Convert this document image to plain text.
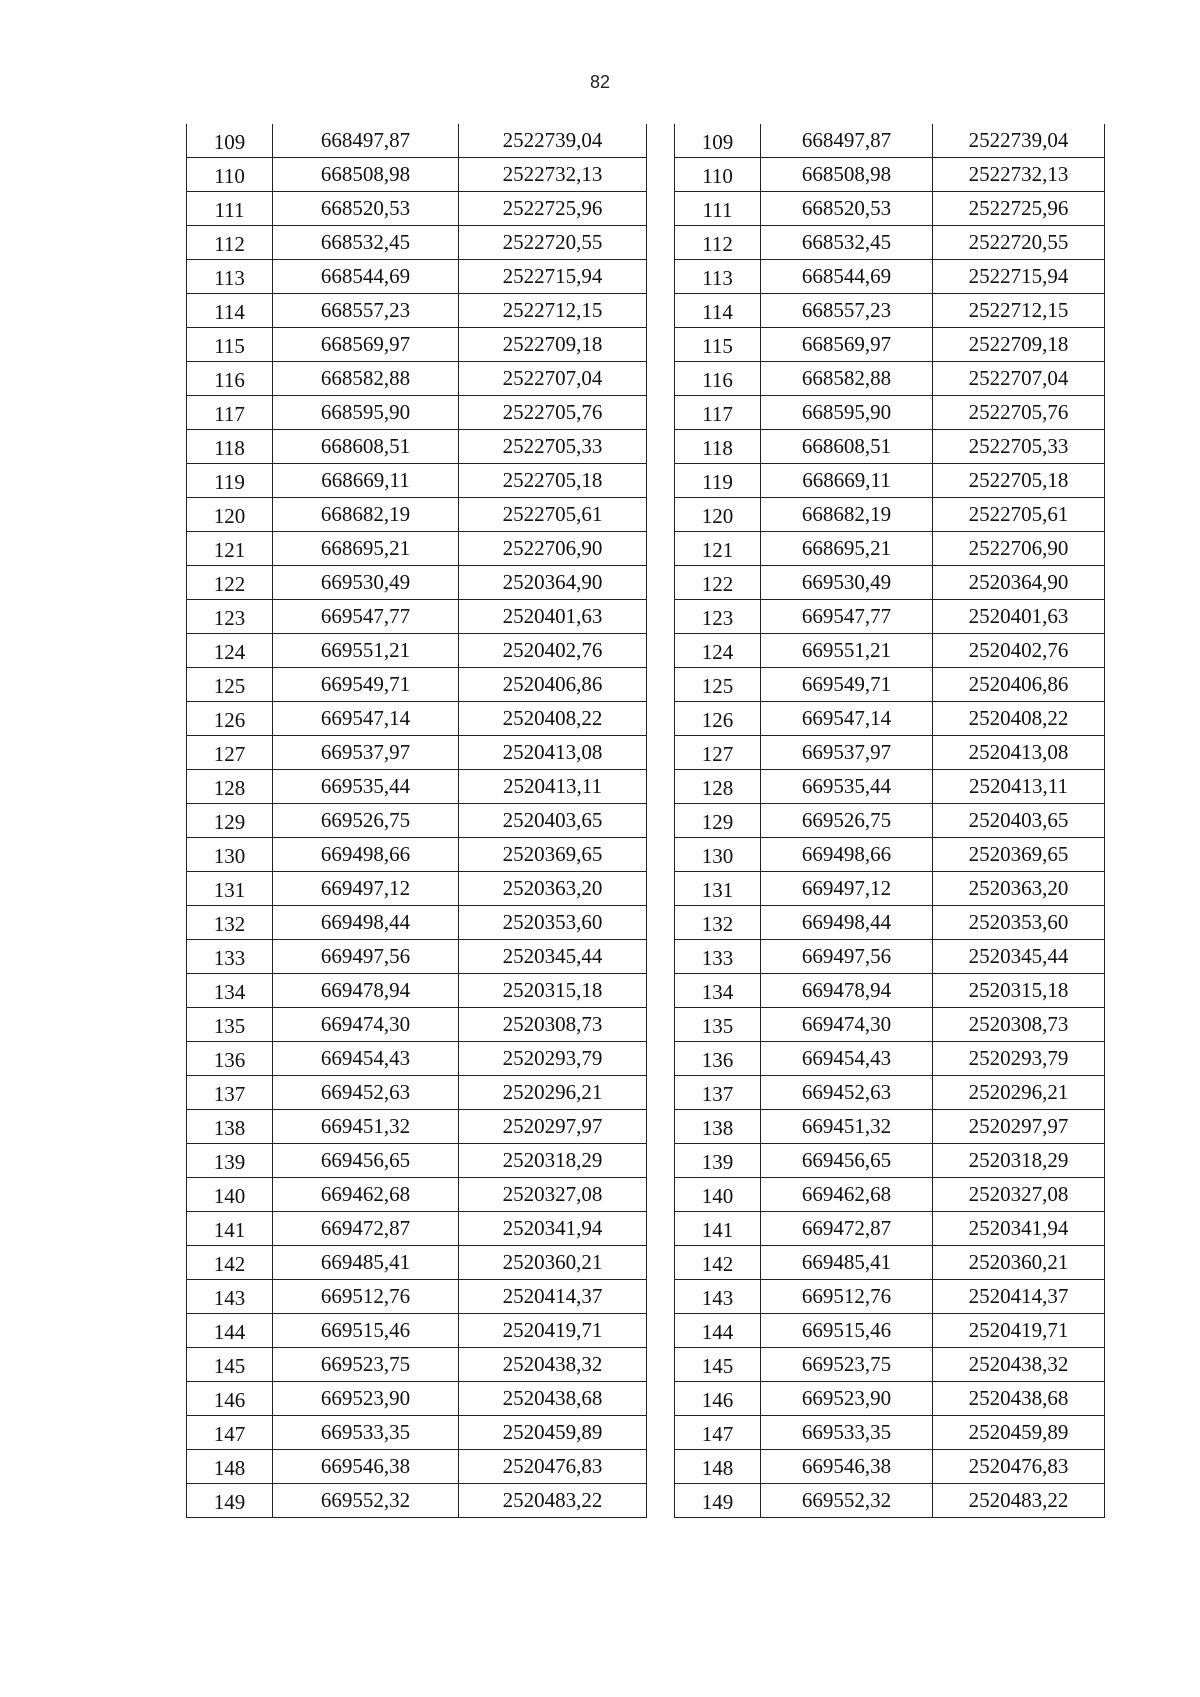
82
109	668497,87	2522739,04
110	668508,98	2522732,13
111	668520,53	2522725,96
112	668532,45	2522720,55
113	668544,69	2522715,94
114	668557,23	2522712,15
115	668569,97	2522709,18
116	668582,88	2522707,04
117	668595,90	2522705,76
118	668608,51	2522705,33
119	668669,11	2522705,18
120	668682,19	2522705,61
121	668695,21	2522706,90
122	669530,49	2520364,90
123	669547,77	2520401,63
124	669551,21	2520402,76
125	669549,71	2520406,86
126	669547,14	2520408,22
127	669537,97	2520413,08
128	669535,44	2520413,11
129	669526,75	2520403,65
130	669498,66	2520369,65
131	669497,12	2520363,20
132	669498,44	2520353,60
133	669497,56	2520345,44
134	669478,94	2520315,18
135	669474,30	2520308,73
136	669454,43	2520293,79
137	669452,63	2520296,21
138	669451,32	2520297,97
139	669456,65	2520318,29
140	669462,68	2520327,08
141	669472,87	2520341,94
142	669485,41	2520360,21
143	669512,76	2520414,37
144	669515,46	2520419,71
145	669523,75	2520438,32
146	669523,90	2520438,68
147	669533,35	2520459,89
148	669546,38	2520476,83
149	669552,32	2520483,22
109	668497,87	2522739,04
110	668508,98	2522732,13
111	668520,53	2522725,96
112	668532,45	2522720,55
113	668544,69	2522715,94
114	668557,23	2522712,15
115	668569,97	2522709,18
116	668582,88	2522707,04
117	668595,90	2522705,76
118	668608,51	2522705,33
119	668669,11	2522705,18
120	668682,19	2522705,61
121	668695,21	2522706,90
122	669530,49	2520364,90
123	669547,77	2520401,63
124	669551,21	2520402,76
125	669549,71	2520406,86
126	669547,14	2520408,22
127	669537,97	2520413,08
128	669535,44	2520413,11
129	669526,75	2520403,65
130	669498,66	2520369,65
131	669497,12	2520363,20
132	669498,44	2520353,60
133	669497,56	2520345,44
134	669478,94	2520315,18
135	669474,30	2520308,73
136	669454,43	2520293,79
137	669452,63	2520296,21
138	669451,32	2520297,97
139	669456,65	2520318,29
140	669462,68	2520327,08
141	669472,87	2520341,94
142	669485,41	2520360,21
143	669512,76	2520414,37
144	669515,46	2520419,71
145	669523,75	2520438,32
146	669523,90	2520438,68
147	669533,35	2520459,89
148	669546,38	2520476,83
149	669552,32	2520483,22
